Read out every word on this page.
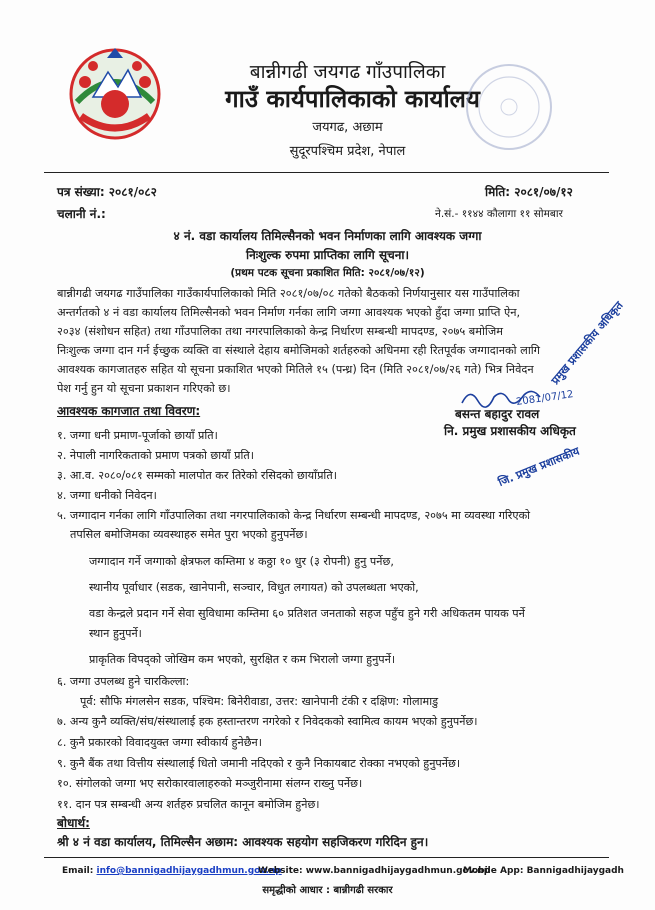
बान्नीगढी जयगढ गाँउपालिका
गाउँ कार्यपालिकाको कार्यालय
जयगढ, अछाम
सुदूरपश्चिम प्रदेश, नेपाल
पत्र संख्या: २०८१/०८२	मिति: २०८१/०७/१२
चलानी नं.:	ने.सं.- ११४४ कौलागा ११ सोमबार
४ नं. वडा कार्यालय तिमिल्सैनको भवन निर्माणका लागि आवश्यक जग्गा
निःशुल्क रुपमा प्राप्तिका लागि सूचना।
(प्रथम पटक सूचना प्रकाशित मिति: २०८१/०७/१२)
बान्नीगढी जयगढ गाउँपालिका गाउँकार्यपालिकाको मिति २०८१/०७/०८ गतेको बैठकको निर्णयानुसार यस गाउँपालिका
अन्तर्गतको ४ नं वडा कार्यालय तिमिल्सैनको भवन निर्माण गर्नका लागि जग्गा आवश्यक भएको हुँदा जग्गा प्राप्ति ऐन,
२०३४ (संशोधन सहित) तथा गाँउपालिका तथा नगरपालिकाको केन्द्र निर्धारण सम्बन्धी मापदण्ड, २०७५ बमोजिम
निःशुल्क जग्गा दान गर्न ईच्छुक व्यक्ति वा संस्थाले देहाय बमोजिमको शर्तहरुको अधिनमा रही रितपूर्वक जग्गादानको लागि
आवश्यक कागजातहरु सहित यो सूचना प्रकाशित भएको मितिले १५ (पन्ध्र) दिन (मिति २०८१/०७/२६ गते) भित्र निवेदन
पेश गर्नु हुन यो सूचना प्रकाशन गरिएको छ।
आवश्यक कागजात तथा विवरण:
१. जग्गा धनी प्रमाण-पूर्जाको छायाँ प्रति।
२. नेपाली नागरिकताको प्रमाण पत्रको छायाँ प्रति।
३. आ.व. २०८०/०८१ सम्मको मालपोत कर तिरेको रसिदको छायाँप्रति।
४. जग्गा धनीको निवेदन।
५. जग्गादान गर्नका लागि गाँउपालिका तथा नगरपालिकाको केन्द्र निर्धारण सम्बन्धी मापदण्ड, २०७५ मा व्यवस्था गरिएको
तपसिल बमोजिमका व्यवस्थाहरु समेत पुरा भएको हुनुपर्नेछ।
2081/07/12
प्रमुख प्रशासकीय अधिकृत
जि. प्रमुख प्रशासकीय
बसन्त बहादुर रावल
नि. प्रमुख प्रशासकीय अधिकृत
जग्गादान गर्ने जग्गाको क्षेत्रफल कम्तिमा ४ कठ्ठा १० धुर (३ रोपनी) हुनु पर्नेछ,
स्थानीय पूर्वाधार (सडक, खानेपानी, सञ्चार, विधुत लगायत) को उपलब्धता भएको,
वडा केन्द्रले प्रदान गर्ने सेवा सुविधामा कम्तिमा ६० प्रतिशत जनताको सहज पहुँच हुने गरी अधिकतम पायक पर्ने
स्थान हुनुपर्ने।
प्राकृतिक विपद्को जोखिम कम भएको, सुरक्षित र कम भिरालो जग्गा हुनुपर्ने।
६. जग्गा उपलब्ध हुने चारकिल्ला:
पूर्व: सौफि मंगलसेन सडक, पश्चिम: बिनेरीवाडा, उत्तर: खानेपानी टंकी र दक्षिण: गोलामाडु
७. अन्य कुनै व्यक्ति/संघ/संस्थालाई हक हस्तान्तरण नगरेको र निवेदकको स्वामित्व कायम भएको हुनुपर्नेछ।
८. कुनै प्रकारको विवादयुक्त जग्गा स्वीकार्य हुनेछैन।
९. कुनै बैंक तथा वित्तीय संस्थालाई धितो जमानी नदिएको र कुनै निकायबाट रोक्का नभएको हुनुपर्नेछ।
१०. संगोलको जग्गा भए सरोकारवालाहरुको मञ्जुरीनामा संलग्न राख्नु पर्नेछ।
११. दान पत्र सम्बन्धी अन्य शर्तहरु प्रचलित कानून बमोजिम हुनेछ।
बोधार्थ:
श्री ४ नं वडा कार्यालय, तिमिल्सैन अछाम: आवश्यक सहयोग सहजिकरण गरिदिन हुन।
Email: info@bannigadhijaygadhmun.gov.np
Website: www.bannigadhijaygadhmun.gov.np
Mobile App: Bannigadhijaygadh
समृद्धीको आधार : बान्नीगढी सरकार
